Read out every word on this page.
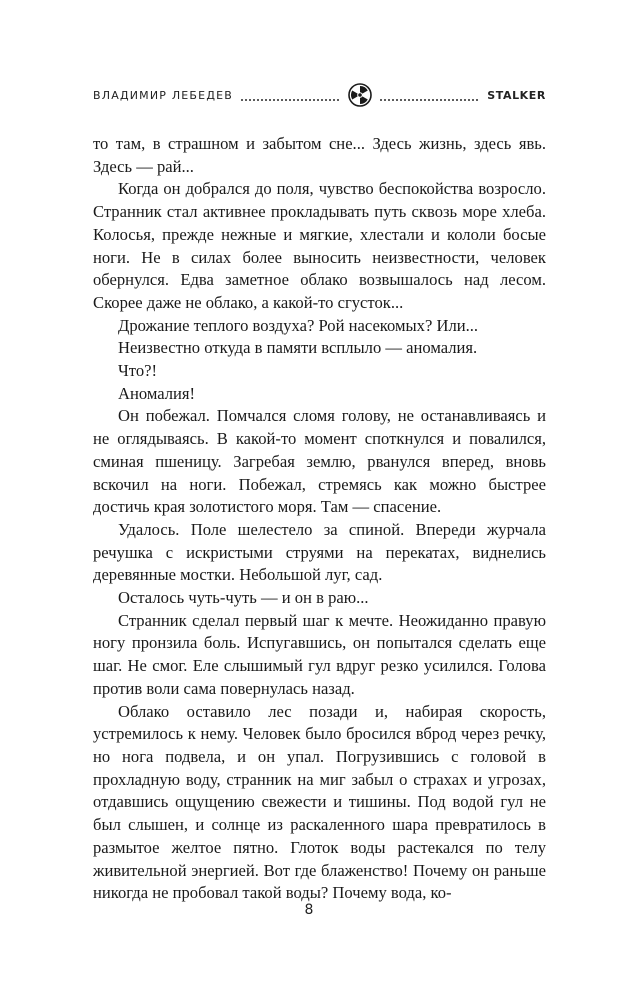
ВЛАДИМИР ЛЕБЕДЕВ	STALKER

то там, в страшном и забытом сне... Здесь жизнь, здесь явь. Здесь — рай...

Когда он добрался до поля, чувство беспокойства возросло. Странник стал активнее прокладывать путь сквозь море хлеба. Колосья, прежде нежные и мягкие, хлестали и кололи босые ноги. Не в силах более выносить неизвестности, человек обернулся. Едва заметное облако возвышалось над лесом. Скорее даже не облако, а какой-то сгусток...

Дрожание теплого воздуха? Рой насекомых? Или...

Неизвестно откуда в памяти всплыло — аномалия.

Что?!

Аномалия!

Он побежал. Помчался сломя голову, не останавливаясь и не оглядываясь. В какой-то момент споткнулся и повалился, сминая пшеницу. Загребая землю, рванулся вперед, вновь вскочил на ноги. Побежал, стремясь как можно быстрее достичь края золотистого моря. Там — спасение.

Удалось. Поле шелестело за спиной. Впереди журчала речушка с искристыми струями на перекатах, виднелись деревянные мостки. Небольшой луг, сад.

Осталось чуть-чуть — и он в раю...

Странник сделал первый шаг к мечте. Неожиданно правую ногу пронзила боль. Испугавшись, он попытался сделать еще шаг. Не смог. Еле слышимый гул вдруг резко усилился. Голова против воли сама повернулась назад.

Облако оставило лес позади и, набирая скорость, устремилось к нему. Человек было бросился вброд через речку, но нога подвела, и он упал. Погрузившись с головой в прохладную воду, странник на миг забыл о страхах и угрозах, отдавшись ощущению свежести и тишины. Под водой гул не был слышен, и солнце из раскаленного шара превратилось в размытое желтое пятно. Глоток воды растекался по телу живительной энергией. Вот где блаженство! Почему он раньше никогда не пробовал такой воды? Почему вода, ко-

8
